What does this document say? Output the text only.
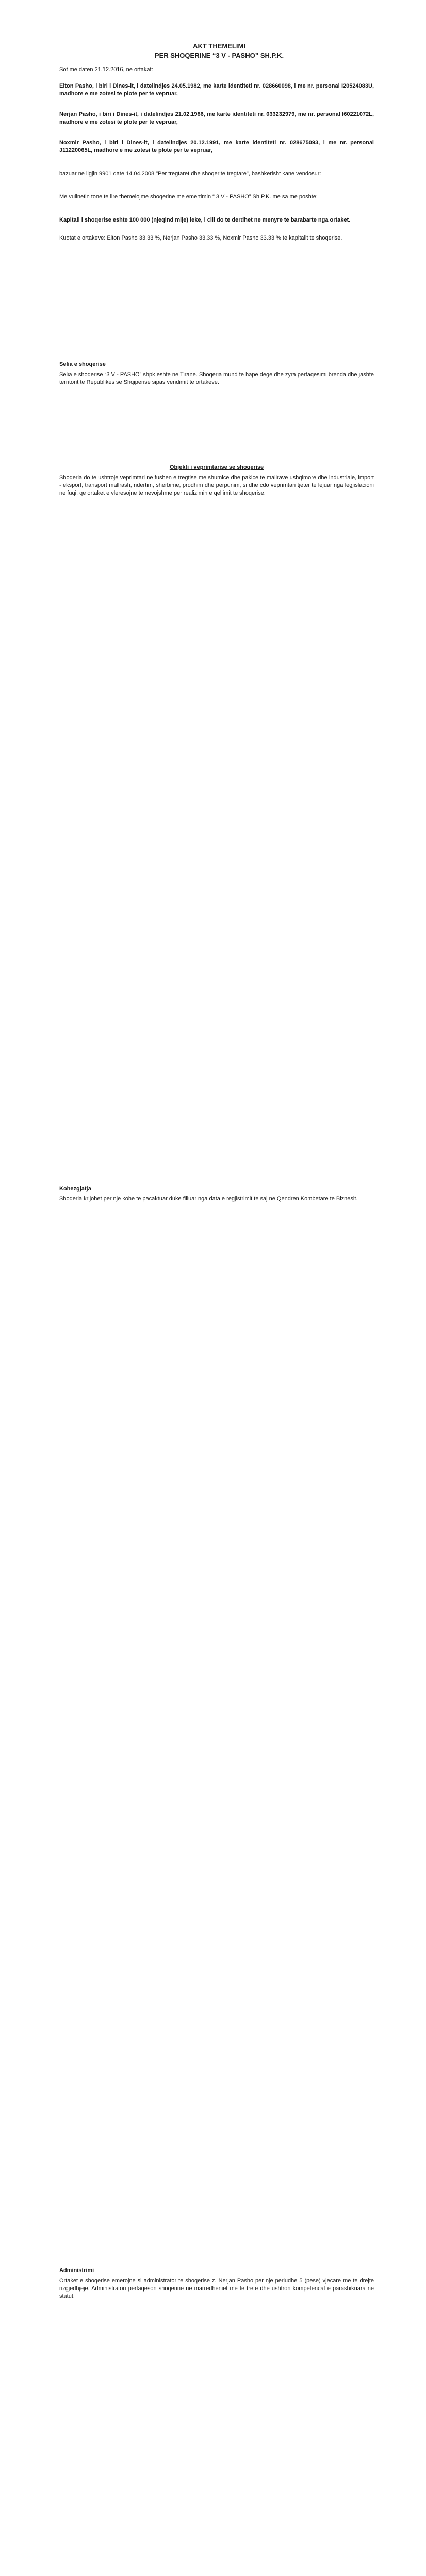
AKT THEMELIMI

PER SHOQERINE “3 V - PASHO” SH.P.K.

Sot me daten 21.12.2016, ne ortakat:

Elton Pasho, i biri i Dines-it, i datelindjes 24.05.1982, me karte identiteti nr. 028660098, i me nr. personal I20524083U, madhore e me zotesi te plote per te vepruar,

Nerjan Pasho, i biri i Dines-it, i datelindjes 21.02.1986, me karte identiteti nr. 033232979, me nr. personal I60221072L, madhore e me zotesi te plote per te vepruar,

Noxmir Pasho, i biri i Dines-it, i datelindjes 20.12.1991, me karte identiteti nr. 028675093, i me nr. personal J11220065L, madhore e me zotesi te plote per te vepruar,

bazuar ne ligjin 9901 date 14.04.2008 "Per tregtaret dhe shoqerite tregtare", bashkerisht kane vendosur:

Me vullnetin tone te lire themelojme shoqerine me emertimin “ 3 V - PASHO” Sh.P.K. me sa me poshte:

Kapitali i shoqerise eshte 100 000 (njeqind mije) leke, i cili do te derdhet ne menyre te barabarte nga ortaket.

Kuotat e ortakeve: Elton Pasho 33.33 %, Nerjan Pasho 33.33 %, Noxmir Pasho 33.33 % te kapitalit te shoqerise.

Selia e shoqerise

Selia e shoqerise “3 V - PASHO” shpk eshte ne Tirane. Shoqeria mund te hape dege dhe zyra perfaqesimi brenda dhe jashte territorit te Republikes se Shqiperise sipas vendimit te ortakeve.

Objekti i veprimtarise se shoqerise

Shoqeria do te ushtroje veprimtari ne fushen e tregtise me shumice dhe pakice te mallrave ushqimore dhe industriale, import - eksport, transport mallrash, ndertim, sherbime, prodhim dhe perpunim, si dhe cdo veprimtari tjeter te lejuar nga legjislacioni ne fuqi, qe ortaket e vleresojne te nevojshme per realizimin e qellimit te shoqerise.

Kohezgjatja

Shoqeria krijohet per nje kohe te pacaktuar duke filluar nga data e regjistrimit te saj ne Qendren Kombetare te Biznesit.

Administrimi

Ortaket e shoqerise emerojne si administrator te shoqerise z. Nerjan Pasho per nje periudhe 5 (pese) vjecare me te drejte rizgjedhjeje. Administratori perfaqeson shoqerine ne marredheniet me te trete dhe ushtron kompetencat e parashikuara ne statut.
